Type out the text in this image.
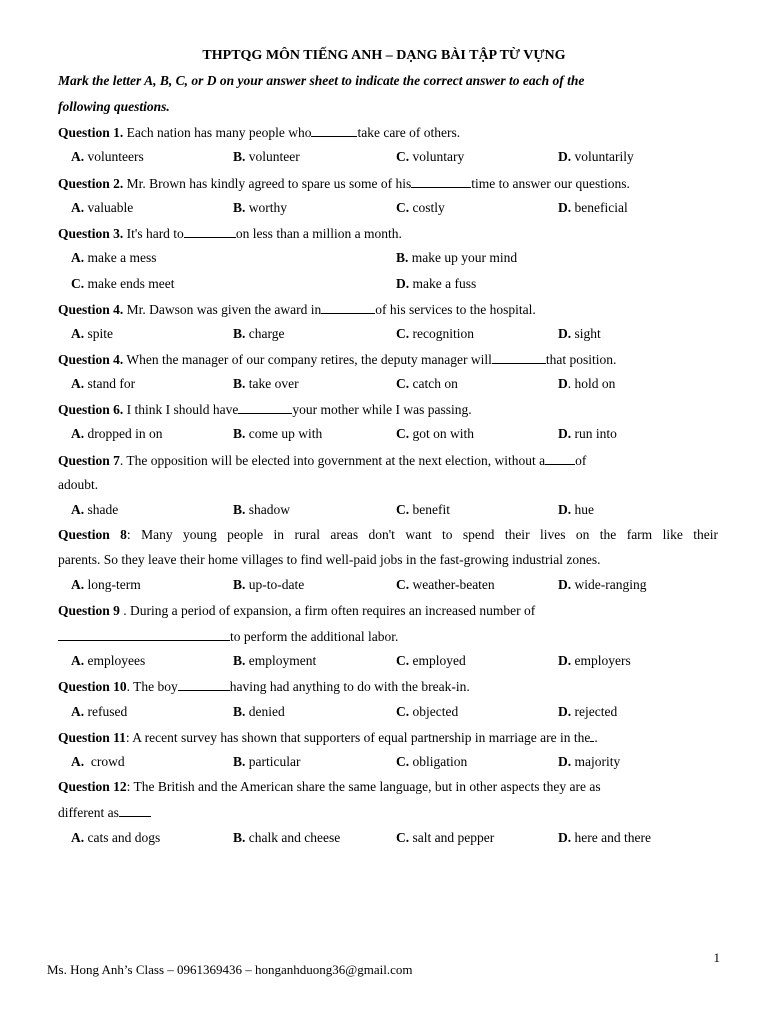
THPTQG MÔN TIẾNG ANH – DẠNG BÀI TẬP TỪ VỰNG
Mark the letter A, B, C, or D on your answer sheet to indicate the correct answer to each of the
following questions.
Question 1. Each nation has many people who	take care of others.
A. volunteers	B. volunteer	C. voluntary	D. voluntarily
Question 2. Mr. Brown has kindly agreed to spare us some of his	time to answer our questions.
A. valuable	B. worthy	C. costly	D. beneficial
Question 3. It's hard to	on less than a million a month.
A. make a mess	B. make up your mind
C. make ends meet	D. make a fuss
Question 4. Mr. Dawson was given the award in	of his services to the hospital.
A. spite	B. charge	C. recognition	D. sight
Question 4. When the manager of our company retires, the deputy manager will	that position.
A. stand for	B. take over	C. catch on	D. hold on
Question 6. I think I should have	your mother while I was passing.
A. dropped in on	B. come up with	C. got on with	D. run into
Question 7. The opposition will be elected into government at the next election, without a of
adoubt.
A. shade	B. shadow	C. benefit	D. hue
Question 8: Many young people in rural areas don't want to spend their lives on the farm like their
parents. So they leave their home villages to find well-paid jobs in the fast-growing industrial zones.
A. long-term	B. up-to-date	C. weather-beaten	D. wide-ranging
Question 9 . During a period of expansion, a firm often requires an increased number of
to perform the additional labor.
A. employees	B. employment	C. employed	D. employers
Question 10. The boy	having had anything to do with the break-in.
A. refused	B. denied	C. objected	D. rejected
Question 11: A recent survey has shown that supporters of equal partnership in marriage are in the .
A. crowd	B. particular	C. obligation	D. majority
Question 12: The British and the American share the same language, but in other aspects they are as
different as
A. cats and dogs	B. chalk and cheese	C. salt and pepper	D. here and there
1
Ms. Hong Anh’s Class – 0961369436 – honganhduong36@gmail.com
